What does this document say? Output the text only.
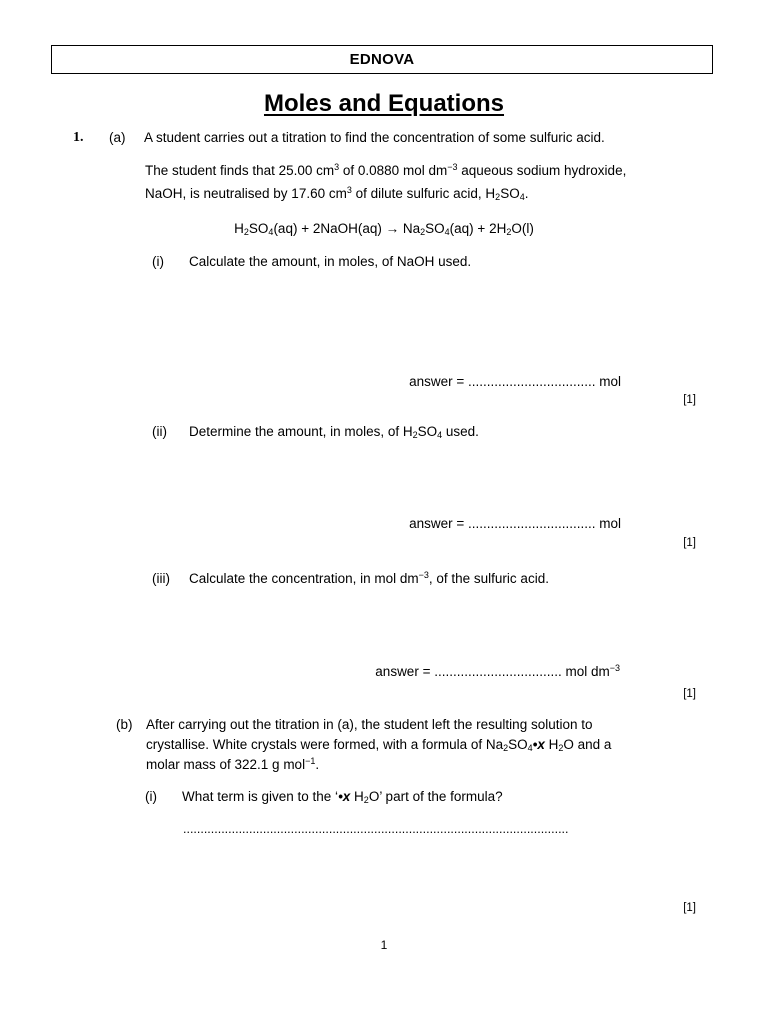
EDNOVA
Moles and Equations
1. (a) A student carries out a titration to find the concentration of some sulfuric acid.
The student finds that 25.00 $cm^3$ of 0.0880 mol $dm^{-3}$ aqueous sodium hydroxide,
NaOH, is neutralised by 17.60 $cm^3$ of dilute sulfuric acid, $H_2SO_4$.
$H_2SO_4(aq)$ + 2NaOH(aq) → $Na_2SO_4(aq) + 2H_2O(l)$
(i) Calculate the amount, in moles, of NaOH used.
answer = .................................. mol
[1]
(ii) Determine the amount, in moles, of $H_2SO_4$ used.
answer = .................................. mol
[1]
(iii) Calculate the concentration, in mol $dm^{-3}$, of the sulfuric acid.
answer = .................................. mol $dm^{-3}$
[1]
(b) After carrying out the titration in (a), the student left the resulting solution to
crystallise. White crystals were formed, with a formula of $Na_2SO_4•x$ $H_2O$ and a
molar mass of 322.1 g mol$^{-1}$.
(i) What term is given to the ‘•x $H_2O$’ part of the formula?
...............................................................................................................
[1]
1
